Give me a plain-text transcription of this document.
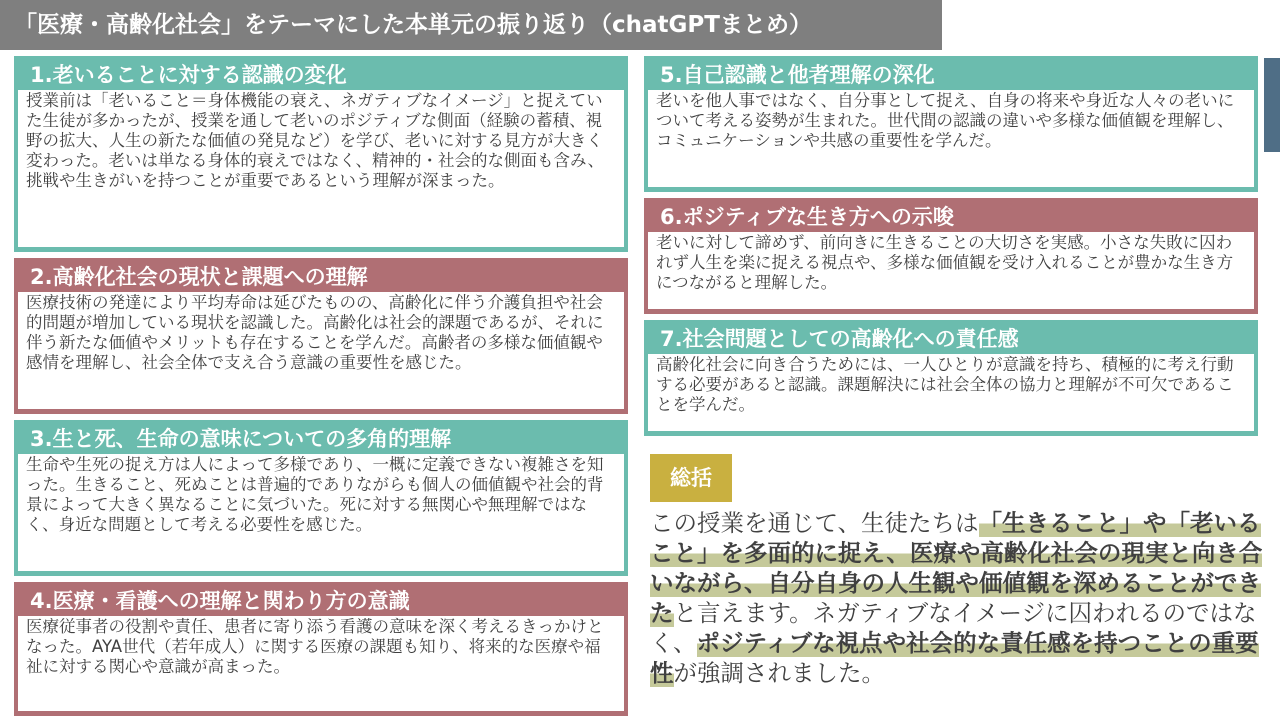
「医療・高齢化社会」をテーマにした本単元の振り返り（chatGPTまとめ）
1.老いることに対する認識の変化
授業前は「老いること＝身体機能の衰え、ネガティブなイメージ」と捉えていた生徒が多かったが、授業を通して老いのポジティブな側面（経験の蓄積、視野の拡大、人生の新たな価値の発見など）を学び、老いに対する見方が大きく変わった。老いは単なる身体的衰えではなく、精神的・社会的な側面も含み、挑戦や生きがいを持つことが重要であるという理解が深まった。
2.高齢化社会の現状と課題への理解
医療技術の発達により平均寿命は延びたものの、高齢化に伴う介護負担や社会的問題が増加している現状を認識した。高齢化は社会的課題であるが、それに伴う新たな価値やメリットも存在することを学んだ。高齢者の多様な価値観や感情を理解し、社会全体で支え合う意識の重要性を感じた。
3.生と死、生命の意味についての多角的理解
生命や生死の捉え方は人によって多様であり、一概に定義できない複雑さを知った。生きること、死ぬことは普遍的でありながらも個人の価値観や社会的背景によって大きく異なることに気づいた。死に対する無関心や無理解ではなく、身近な問題として考える必要性を感じた。
4.医療・看護への理解と関わり方の意識
医療従事者の役割や責任、患者に寄り添う看護の意味を深く考えるきっかけとなった。AYA世代（若年成人）に関する医療の課題も知り、将来的な医療や福祉に対する関心や意識が高まった。
5.自己認識と他者理解の深化
老いを他人事ではなく、自分事として捉え、自身の将来や身近な人々の老いについて考える姿勢が生まれた。世代間の認識の違いや多様な価値観を理解し、コミュニケーションや共感の重要性を学んだ。
6.ポジティブな生き方への示唆
老いに対して諦めず、前向きに生きることの大切さを実感。小さな失敗に囚われず人生を楽に捉える視点や、多様な価値観を受け入れることが豊かな生き方につながると理解した。
7.社会問題としての高齢化への責任感
高齢化社会に向き合うためには、一人ひとりが意識を持ち、積極的に考え行動する必要があると認識。課題解決には社会全体の協力と理解が不可欠であることを学んだ。
総括
この授業を通じて、生徒たちは「生きること」や「老いること」を多面的に捉え、医療や高齢化社会の現実と向き合いながら、自分自身の人生観や価値観を深めることができたと言えます。ネガティブなイメージに囚われるのではなく、ポジティブな視点や社会的な責任感を持つことの重要性が強調されました。
